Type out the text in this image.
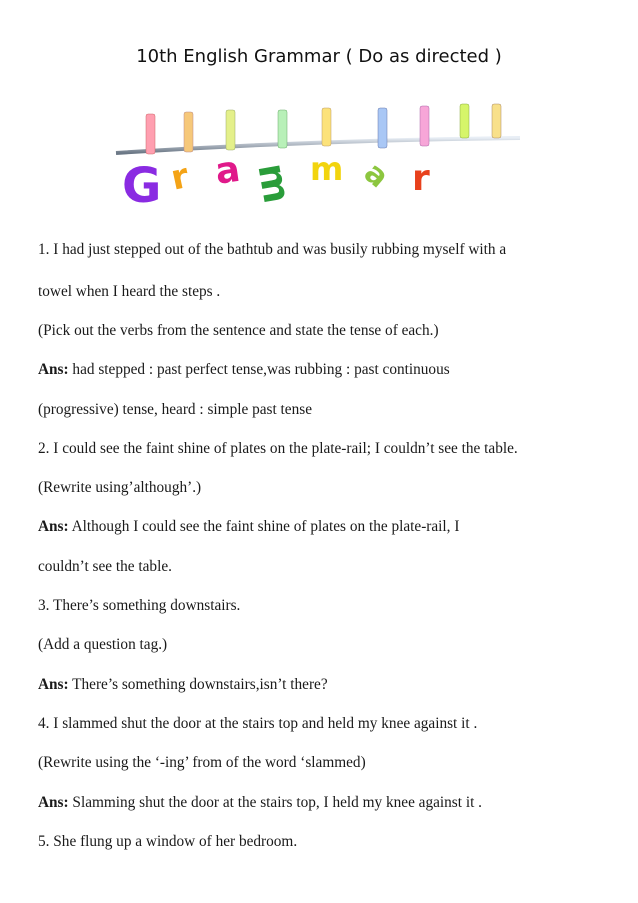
10th English Grammar ( Do as directed )
G r a m m a r
1. I had just stepped out of the bathtub and was busily rubbing myself with a
towel when I heard the steps .
(Pick out the verbs from the sentence and state the tense of each.)
Ans: had stepped : past perfect tense,was rubbing : past continuous
(progressive) tense, heard : simple past tense
2. I could see the faint shine of plates on the plate-rail; I couldn’t see the table.
(Rewrite using’although’.)
Ans: Although I could see the faint shine of plates on the plate-rail, I
couldn’t see the table.
3. There’s something downstairs.
(Add a question tag.)
Ans: There’s something downstairs,isn’t there?
4. I slammed shut the door at the stairs top and held my knee against it .
(Rewrite using the ‘-ing’ from of the word ‘slammed)
Ans: Slamming shut the door at the stairs top, I held my knee against it .
5. She flung up a window of her bedroom.
